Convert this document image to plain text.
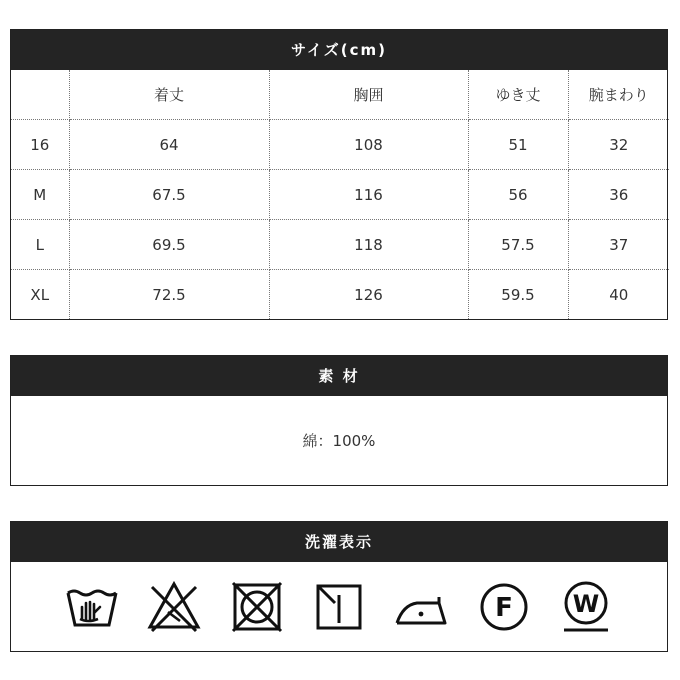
サイズ(cm)
	着丈	胸囲	ゆき丈	腕まわり
16	64	108	51	32
M	67.5	116	56	36
L	69.5	118	57.5	37
XL	72.5	126	59.5	40
素 材
綿：100%
洗濯表示
F	W
